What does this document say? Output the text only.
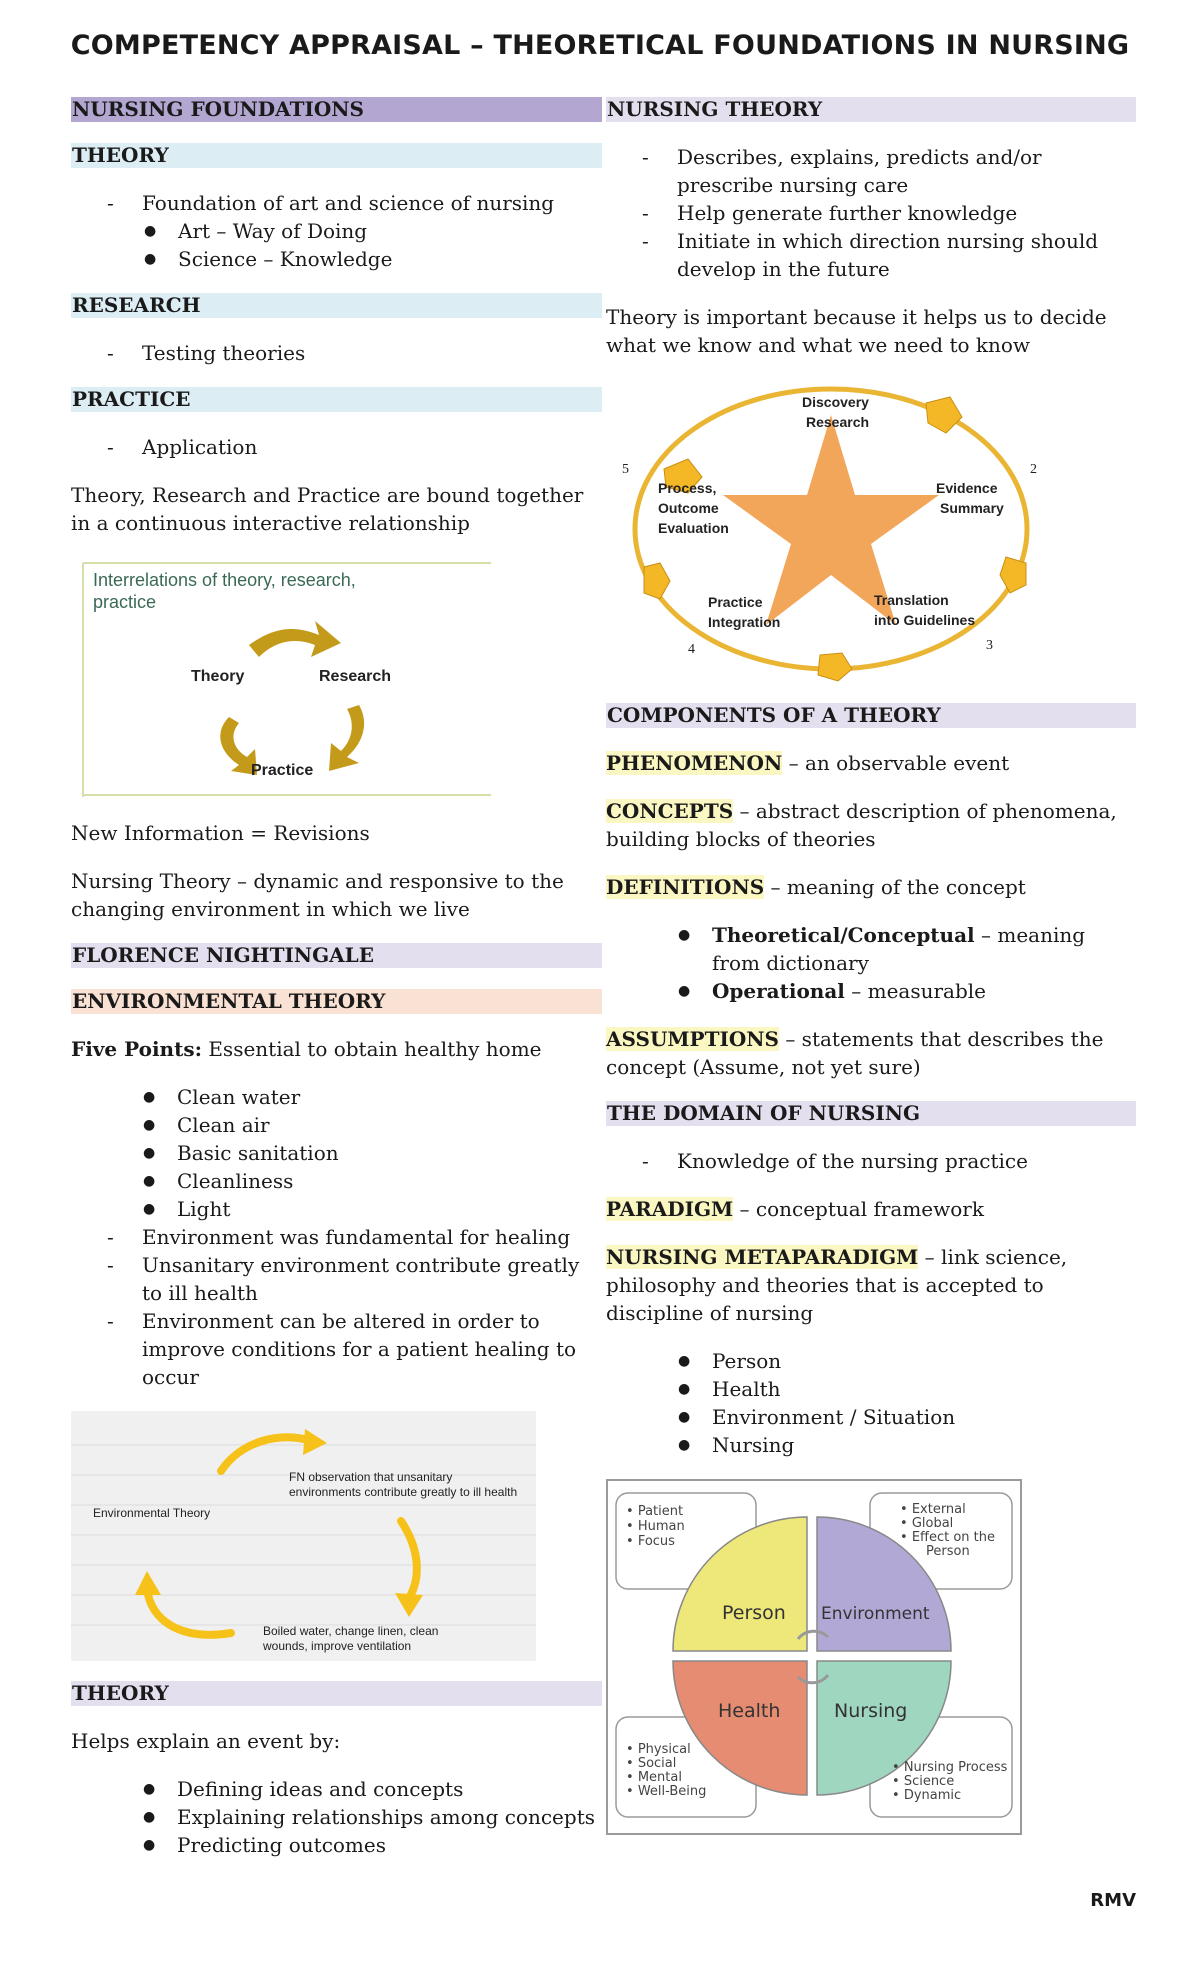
COMPETENCY APPRAISAL – THEORETICAL FOUNDATIONS IN NURSING
NURSING FOUNDATIONS
THEORY
- Foundation of art and science of nursing
● Art – Way of Doing
● Science – Knowledge
RESEARCH
- Testing theories
PRACTICE
- Application

Theory, Research and Practice are bound together in a continuous interactive relationship

Interrelations of theory, research,
practice
Theory	Research
Practice

New Information = Revisions

Nursing Theory – dynamic and responsive to the changing environment in which we live

FLORENCE NIGHTINGALE
ENVIRONMENTAL THEORY

Five Points: Essential to obtain healthy home

● Clean water
● Clean air
● Basic sanitation
● Cleanliness
● Light
- Environment was fundamental for healing
- Unsanitary environment contribute greatly to ill health
- Environment can be altered in order to improve conditions for a patient healing to occur
Environmental Theory
FN observation that unsanitary
environments contribute greatly to ill health
Boiled water, change linen, clean
wounds, improve ventilation
THEORY

Helps explain an event by:

● Defining ideas and concepts
● Explaining relationships among concepts
● Predicting outcomes
NURSING THEORY
- Describes, explains, predicts and/or prescribe nursing care
- Help generate further knowledge
- Initiate in which direction nursing should develop in the future

Theory is important because it helps us to decide what we know and what we need to know

Discovery
Research
Evidence
Summary
Translation
into Guidelines
Practice
Integration
Process,
Outcome
Evaluation
2
3
4
5
COMPONENTS OF A THEORY

PHENOMENON – an observable event

CONCEPTS – abstract description of phenomena, building blocks of theories

DEFINITIONS – meaning of the concept

● Theoretical/Conceptual – meaning from dictionary
● Operational – measurable

ASSUMPTIONS – statements that describes the concept (Assume, not yet sure)

THE DOMAIN OF NURSING
- Knowledge of the nursing practice

PARADIGM – conceptual framework

NURSING METAPARADIGM – link science, philosophy and theories that is accepted to discipline of nursing

● Person
● Health
● Environment / Situation
● Nursing
Person Environment
Health	Nursing
• Patient
• Human
• Focus
• External
• Global
• Effect on the
Person
• Physical
• Social
• Mental
• Well-Being
• Nursing Process
• Science
• Dynamic
RMV
